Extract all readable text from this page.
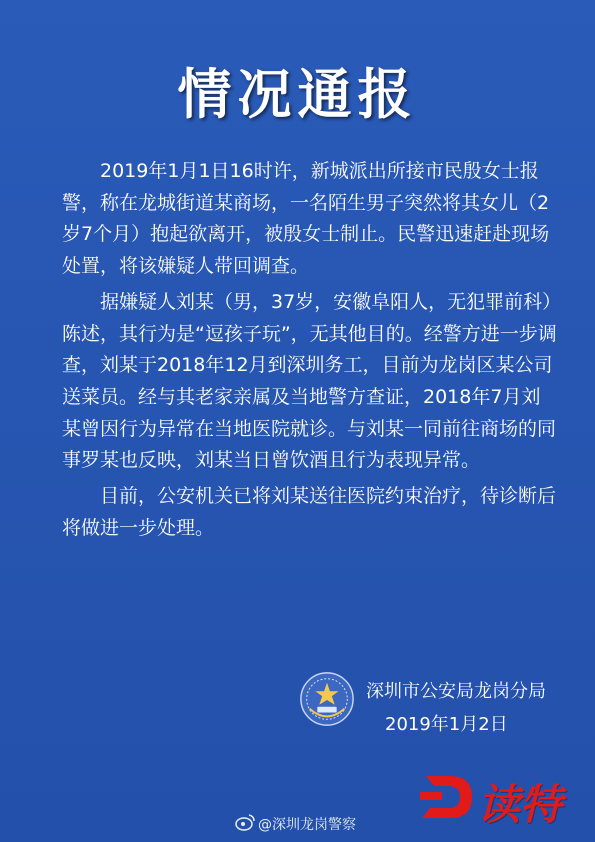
情况通报

2019年1月1日16时许，新城派出所接市民殷女士报警，称在龙城街道某商场，一名陌生男子突然将其女儿（2岁7个月）抱起欲离开，被殷女士制止。民警迅速赶赴现场处置，将该嫌疑人带回调查。

据嫌疑人刘某（男，37岁，安徽阜阳人，无犯罪前科）陈述，其行为是“逗孩子玩”，无其他目的。经警方进一步调查，刘某于2018年12月到深圳务工，目前为龙岗区某公司送菜员。经与其老家亲属及当地警方查证，2018年7月刘某曾因行为异常在当地医院就诊。与刘某一同前往商场的同事罗某也反映，刘某当日曾饮酒且行为表现异常。

目前，公安机关已将刘某送往医院约束治疗，待诊断后将做进一步处理。

深圳市公安局龙岗分局
2019年1月2日
读特
@深圳龙岗警察
